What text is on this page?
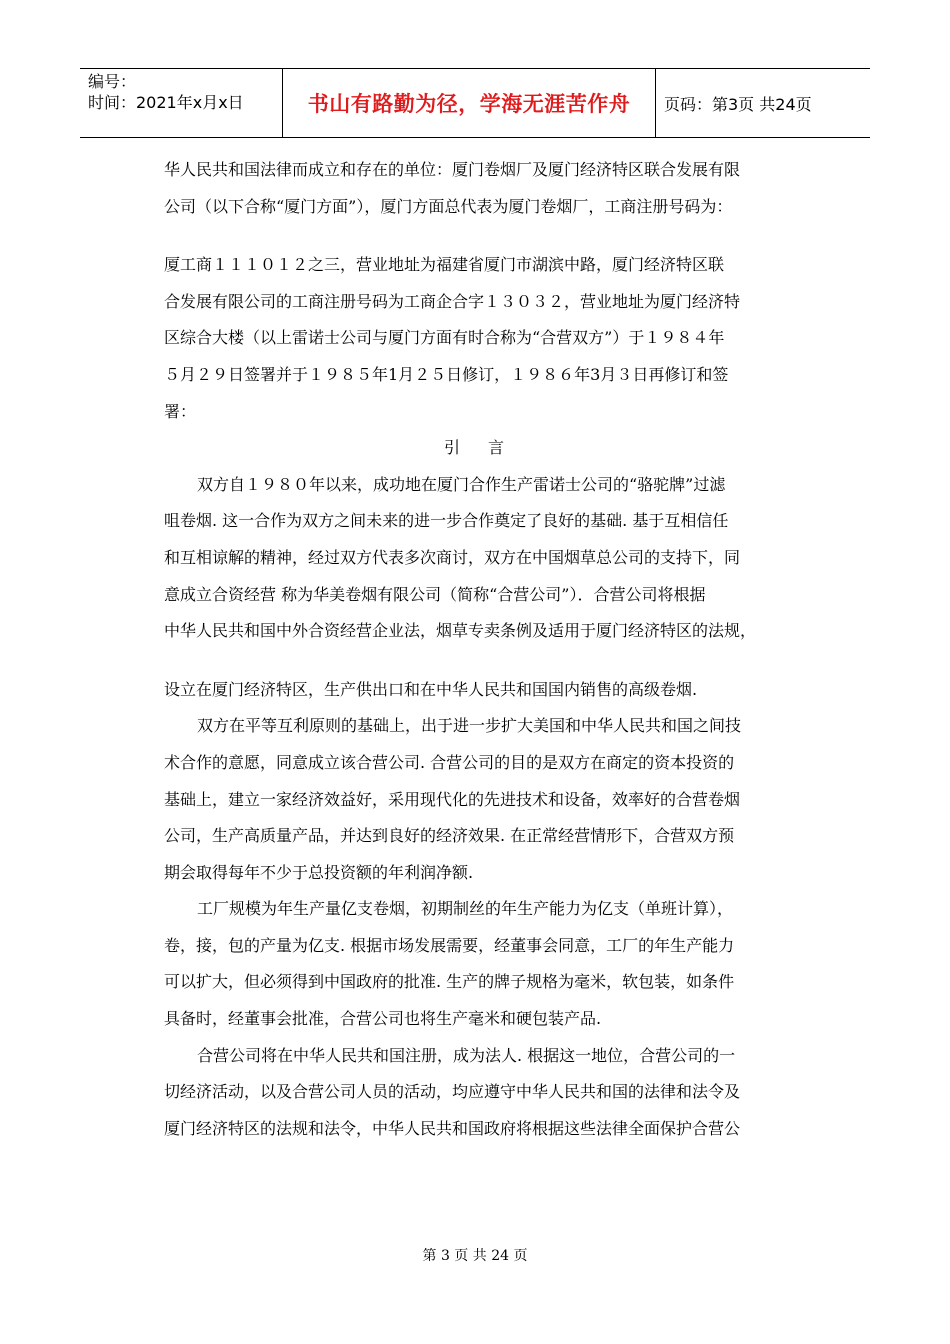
编号：
时间：2021年x月x日	书山有路勤为径，学海无涯苦作舟	页码：第3页 共24页
华人民共和国法律而成立和存在的单位：厦门卷烟厂及厦门经济特区联合发展有限
公司（以下合称“厦门方面”），厦门方面总代表为厦门卷烟厂，工商注册号码为：
厦工商１１１０１２之三，营业地址为福建省厦门市湖滨中路，厦门经济特区联
合发展有限公司的工商注册号码为工商企合字１３０３２，营业地址为厦门经济特
区综合大楼（以上雷诺士公司与厦门方面有时合称为“合营双方”）于１９８４年
５月２９日签署并于１９８５年1月２５日修订，１９８６年3月３日再修订和签
署：
引言
双方自１９８０年以来，成功地在厦门合作生产雷诺士公司的“骆驼牌”过滤
咀卷烟. 这一合作为双方之间未来的进一步合作奠定了良好的基础. 基于互相信任
和互相谅解的精神，经过双方代表多次商讨，双方在中国烟草总公司的支持下，同
意成立合资经营 称为华美卷烟有限公司（简称“合营公司”）．合营公司将根据
中华人民共和国中外合资经营企业法，烟草专卖条例及适用于厦门经济特区的法规，
设立在厦门经济特区，生产供出口和在中华人民共和国国内销售的高级卷烟.
双方在平等互利原则的基础上，出于进一步扩大美国和中华人民共和国之间技
术合作的意愿，同意成立该合营公司. 合营公司的目的是双方在商定的资本投资的
基础上，建立一家经济效益好，采用现代化的先进技术和设备，效率好的合营卷烟
公司，生产高质量产品，并达到良好的经济效果. 在正常经营情形下，合营双方预
期会取得每年不少于总投资额的年利润净额.
工厂规模为年生产量亿支卷烟，初期制丝的年生产能力为亿支（单班计算），
卷，接，包的产量为亿支. 根据市场发展需要，经董事会同意，工厂的年生产能力
可以扩大，但必须得到中国政府的批准. 生产的牌子规格为毫米，软包装，如条件
具备时，经董事会批准，合营公司也将生产毫米和硬包装产品.
合营公司将在中华人民共和国注册，成为法人. 根据这一地位，合营公司的一
切经济活动，以及合营公司人员的活动，均应遵守中华人民共和国的法律和法令及
厦门经济特区的法规和法令，中华人民共和国政府将根据这些法律全面保护合营公
第 3 页 共 24 页
